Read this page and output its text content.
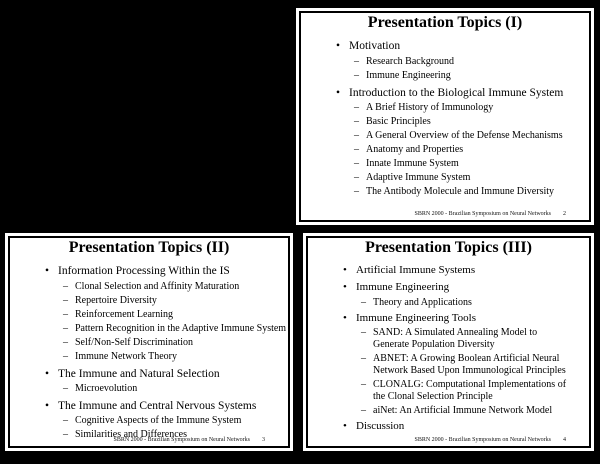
Presentation Topics (I)
• Motivation
– Research Background
– Immune Engineering
• Introduction to the Biological Immune System
– A Brief History of Immunology
– Basic Principles
– A General Overview of the Defense Mechanisms
– Anatomy and Properties
– Innate Immune System
– Adaptive Immune System
– The Antibody Molecule and Immune Diversity
SBRN 2000 - Brazilian Symposium on Neural Networks 2
Presentation Topics (II)
• Information Processing Within the IS
– Clonal Selection and Affinity Maturation
– Repertoire Diversity
– Reinforcement Learning
– Pattern Recognition in the Adaptive Immune System
– Self/Non-Self Discrimination
– Immune Network Theory
• The Immune and Natural Selection
– Microevolution
• The Immune and Central Nervous Systems
– Cognitive Aspects of the Immune System
– Similarities and Differences
SBRN 2000 - Brazilian Symposium on Neural Networks 3
Presentation Topics (III)
• Artificial Immune Systems
• Immune Engineering
– Theory and Applications
• Immune Engineering Tools
– SAND: A Simulated Annealing Model to Generate Population Diversity
– ABNET: A Growing Boolean Artificial Neural Network Based Upon Immunological Principles
– CLONALG: Computational Implementations of the Clonal Selection Principle
– aiNet: An Artificial Immune Network Model
• Discussion
SBRN 2000 - Brazilian Symposium on Neural Networks 4
